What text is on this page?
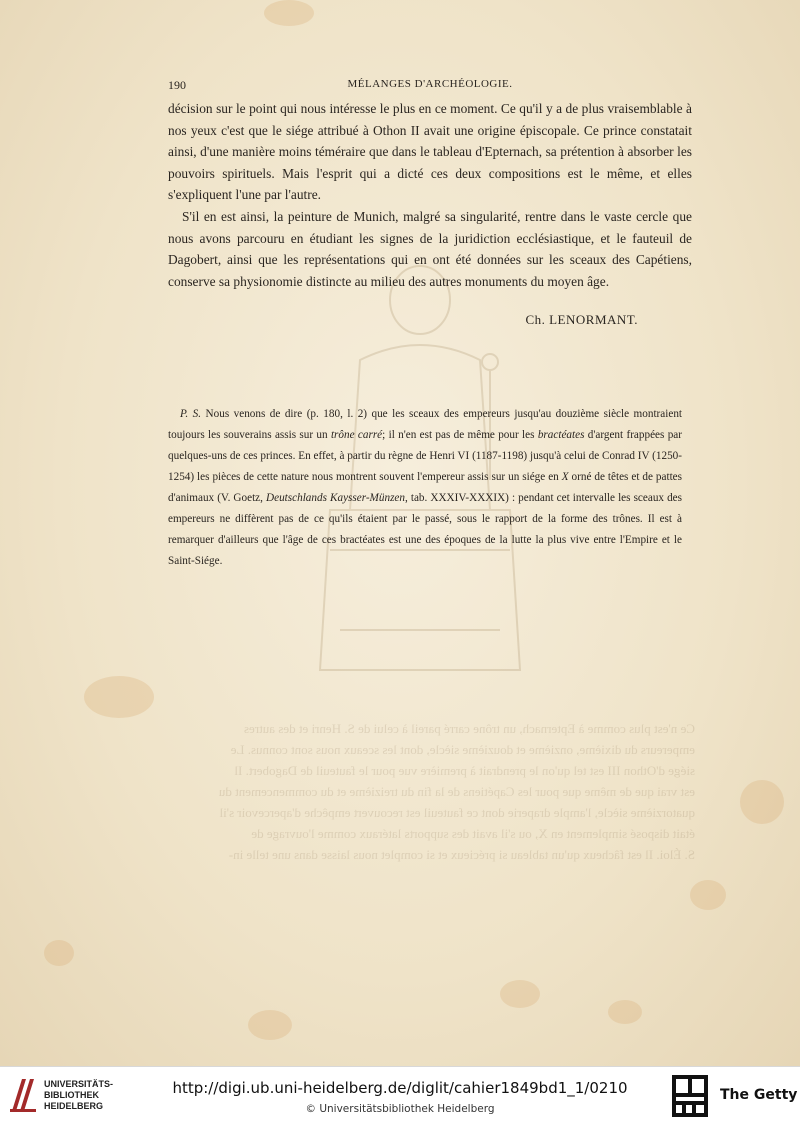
Ce n'est plus comme à Epternach, un trône carré pareil à celui de S. Henri et des autres
empereurs du dixième, onzième et douzième siècle, dont les sceaux nous sont connus. Le
siége d'Othon III est tel qu'on le prendrait à première vue pour le fauteuil de Dagobert. Il
est vrai que de même que pour les Capétiens de la fin du treizième et du commencement du
quatorzième siècle, l'ample draperie dont ce fauteuil est recouvert empêche d'apercevoir s'il
était disposé simplement en X, ou s'il avait des supports latéraux comme l'ouvrage de
S. Éloi. Il est fâcheux qu'un tableau si précieux et si complet nous laisse dans une telle in-
190	MÉLANGES D'ARCHÉOLOGIE.

décision sur le point qui nous intéresse le plus en ce moment. Ce qu'il y a de plus vraisemblable à nos yeux c'est que le siége attribué à Othon II avait une origine épiscopale. Ce prince constatait ainsi, d'une manière moins téméraire que dans le tableau d'Epternach, sa prétention à absorber les pouvoirs spirituels. Mais l'esprit qui a dicté ces deux compositions est le même, et elles s'expliquent l'une par l'autre.

S'il en est ainsi, la peinture de Munich, malgré sa singularité, rentre dans le vaste cercle que nous avons parcouru en étudiant les signes de la juridiction ecclésiastique, et le fauteuil de Dagobert, ainsi que les représentations qui en ont été données sur les sceaux des Capétiens, conserve sa physionomie distincte au milieu des autres monuments du moyen âge.

Ch. LENORMANT.
P. S. Nous venons de dire (p. 180, l. 2) que les sceaux des empereurs jusqu'au douzième siècle montraient toujours les souverains assis sur un trône carré; il n'en est pas de même pour les bractéates d'argent frappées par quelques-uns de ces princes. En effet, à partir du règne de Henri VI (1187-1198) jusqu'à celui de Conrad IV (1250-1254) les pièces de cette nature nous montrent souvent l'empereur assis sur un siége en X orné de têtes et de pattes d'animaux (V. Goetz, Deutschlands Kaysser-Münzen, tab. XXXIV-XXXIX) : pendant cet intervalle les sceaux des empereurs ne diffèrent pas de ce qu'ils étaient par le passé, sous le rapport de la forme des trônes. Il est à remarquer d'ailleurs que l'âge de ces bractéates est une des époques de la lutte la plus vive entre l'Empire et le Saint-Siége.
UNIVERSITÄTS-
BIBLIOTHEK
HEIDELBERG
http://digi.ub.uni-heidelberg.de/diglit/cahier1849bd1_1/0210
© Universitätsbibliothek Heidelberg
The Getty
